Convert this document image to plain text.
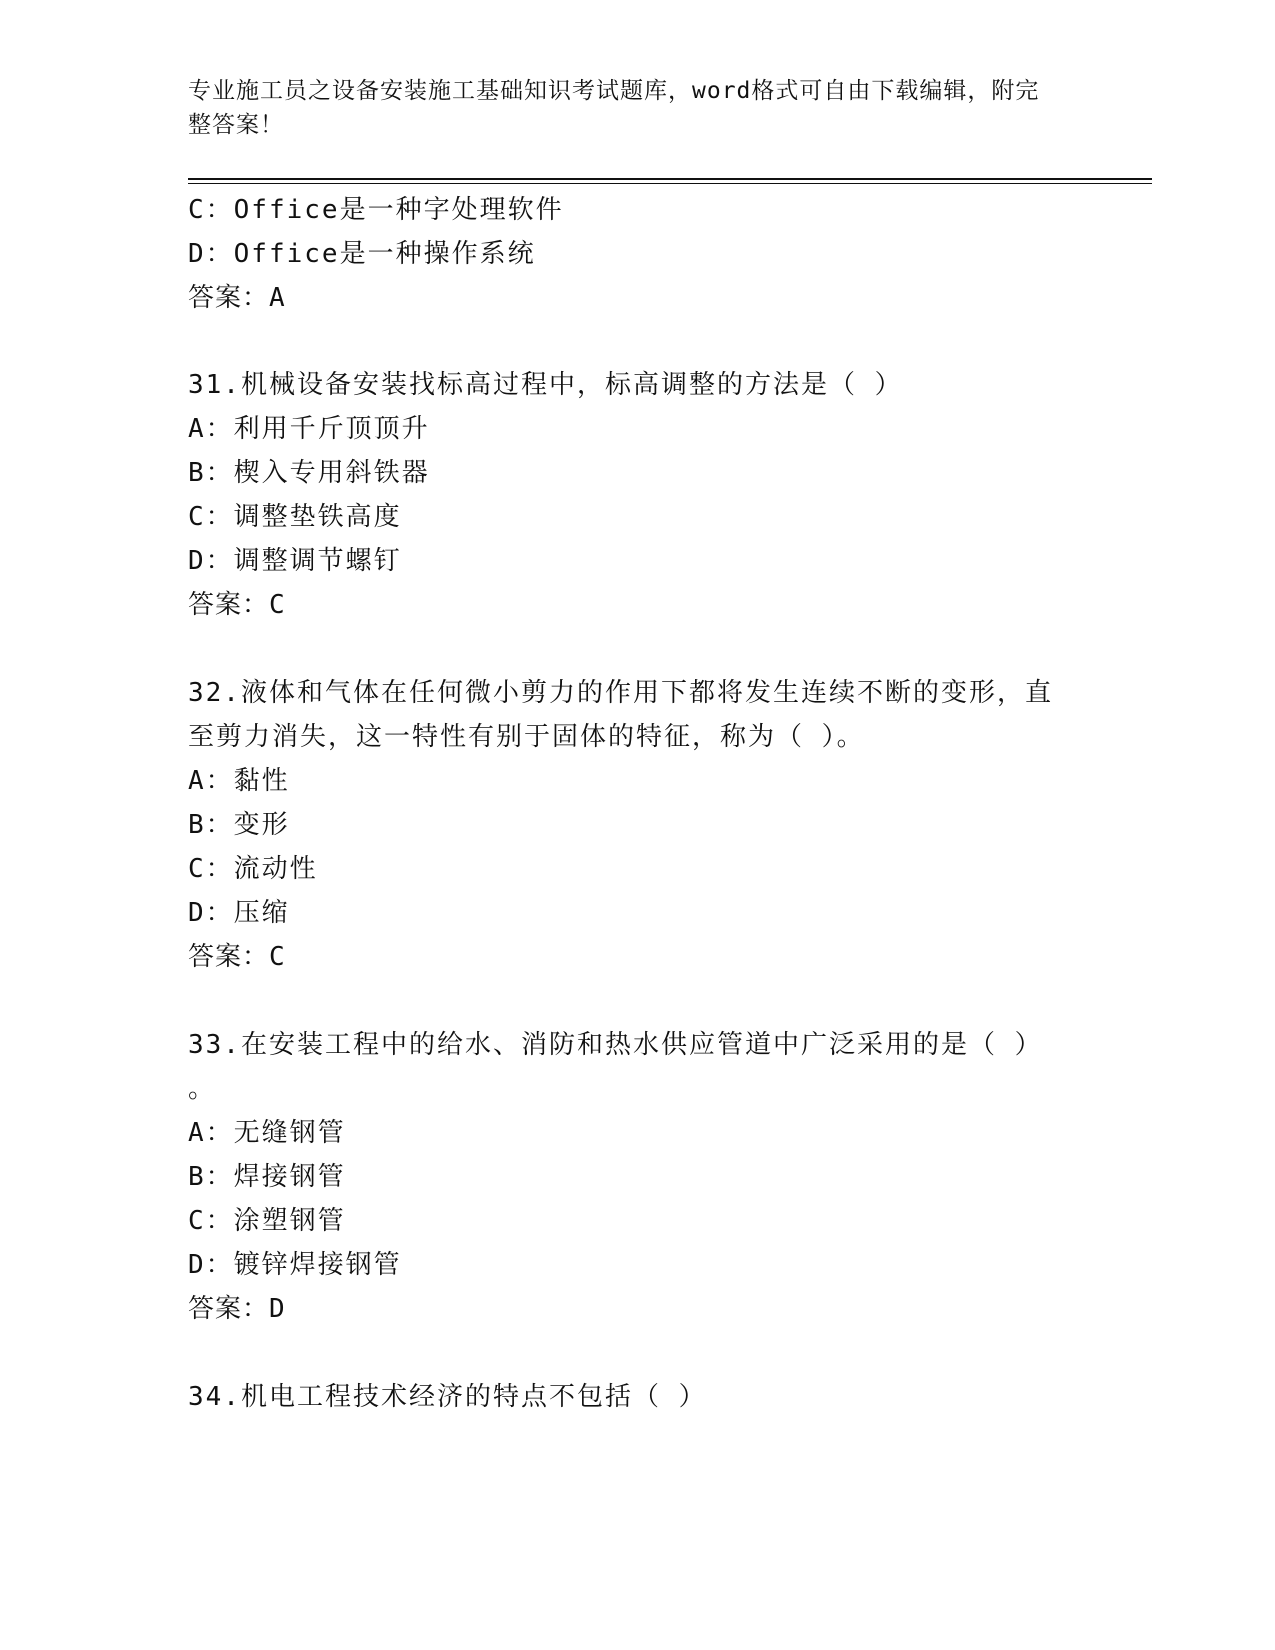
专业施工员之设备安装施工基础知识考试题库，word格式可自由下载编辑，附完
整答案！
C：Office是一种字处理软件
D：Office是一种操作系统
答案：A
31.机械设备安装找标高过程中，标高调整的方法是（ ）
A：利用千斤顶顶升
B：楔入专用斜铁器
C：调整垫铁高度
D：调整调节螺钉
答案：C
32.液体和气体在任何微小剪力的作用下都将发生连续不断的变形，直
至剪力消失，这一特性有别于固体的特征，称为（ ）。
A：黏性
B：变形
C：流动性
D：压缩
答案：C
33.在安装工程中的给水、消防和热水供应管道中广泛采用的是（ ）
。
A：无缝钢管
B：焊接钢管
C：涂塑钢管
D：镀锌焊接钢管
答案：D
34.机电工程技术经济的特点不包括（ ）
